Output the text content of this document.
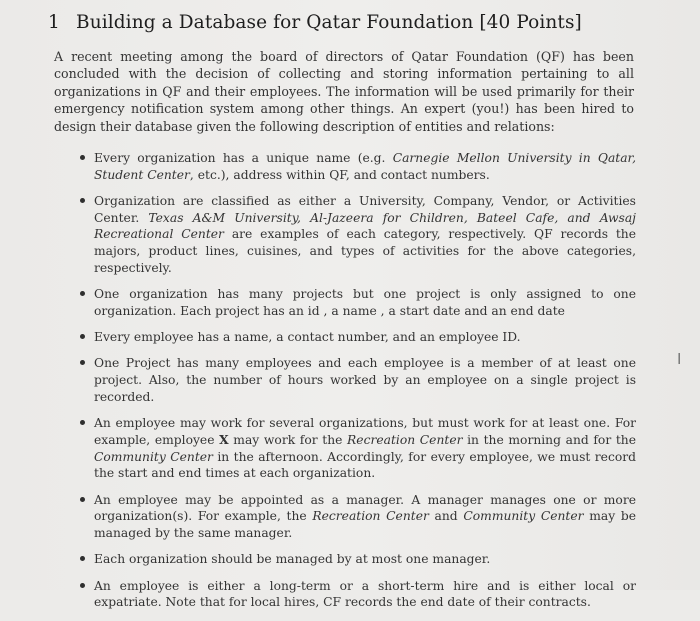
1 Building a Database for Qatar Foundation [40 Points]
A recent meeting among the board of directors of Qatar Foundation (QF) has been concluded with the decision of collecting and storing information pertaining to all organizations in QF and their employees. The information will be used primarily for their emergency notification system among other things. An expert (you!) has been hired to design their database given the following description of entities and relations:
Every organization has a unique name (e.g. Carnegie Mellon University in Qatar, Student Center, etc.), address within QF, and contact numbers.
Organization are classified as either a University, Company, Vendor, or Activities Center. Texas A&M University, Al-Jazeera for Children, Bateel Cafe, and Awsaj Recreational Center are examples of each category, respectively. QF records the majors, product lines, cuisines, and types of activities for the above categories, respectively.
One organization has many projects but one project is only assigned to one organization. Each project has an id , a name , a start date and an end date
Every employee has a name, a contact number, and an employee ID.
One Project has many employees and each employee is a member of at least one project. Also, the number of hours worked by an employee on a single project is recorded.
An employee may work for several organizations, but must work for at least one. For example, employee X may work for the Recreation Center in the morning and for the Community Center in the afternoon. Accordingly, for every employee, we must record the start and end times at each organization.
An employee may be appointed as a manager. A manager manages one or more organization(s). For example, the Recreation Center and Community Center may be managed by the same manager.
Each organization should be managed by at most one manager.
An employee is either a long-term or a short-term hire and is either local or expatriate. Note that for local hires, CF records the end date of their contracts.
I
